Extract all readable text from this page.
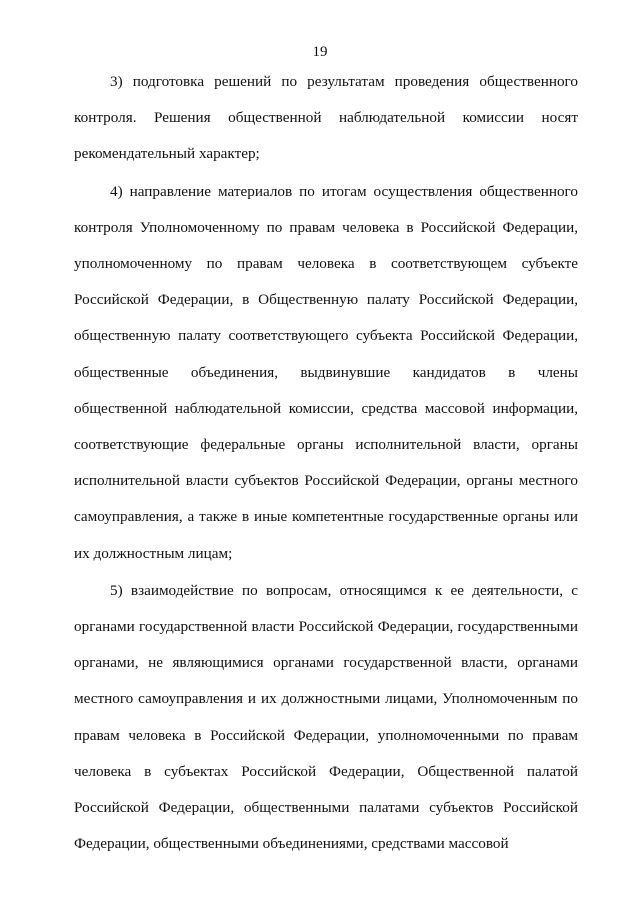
19

3) подготовка решений по результатам проведения общественного контроля. Решения общественной наблюдательной комиссии носят рекомендательный характер;

4) направление материалов по итогам осуществления общественного контроля Уполномоченному по правам человека в Российской Федерации, уполномоченному по правам человека в соответствующем субъекте Российской Федерации, в Общественную палату Российской Федерации, общественную палату соответствующего субъекта Российской Федерации, общественные объединения, выдвинувшие кандидатов в члены общественной наблюдательной комиссии, средства массовой информации, соответствующие федеральные органы исполнительной власти, органы исполнительной власти субъектов Российской Федерации, органы местного самоуправления, а также в иные компетентные государственные органы или их должностным лицам;

5) взаимодействие по вопросам, относящимся к ее деятельности, с органами государственной власти Российской Федерации, государственными органами, не являющимися органами государственной власти, органами местного самоуправления и их должностными лицами, Уполномоченным по правам человека в Российской Федерации, уполномоченными по правам человека в субъектах Российской Федерации, Общественной палатой Российской Федерации, общественными палатами субъектов Российской Федерации, общественными объединениями, средствами массовой
